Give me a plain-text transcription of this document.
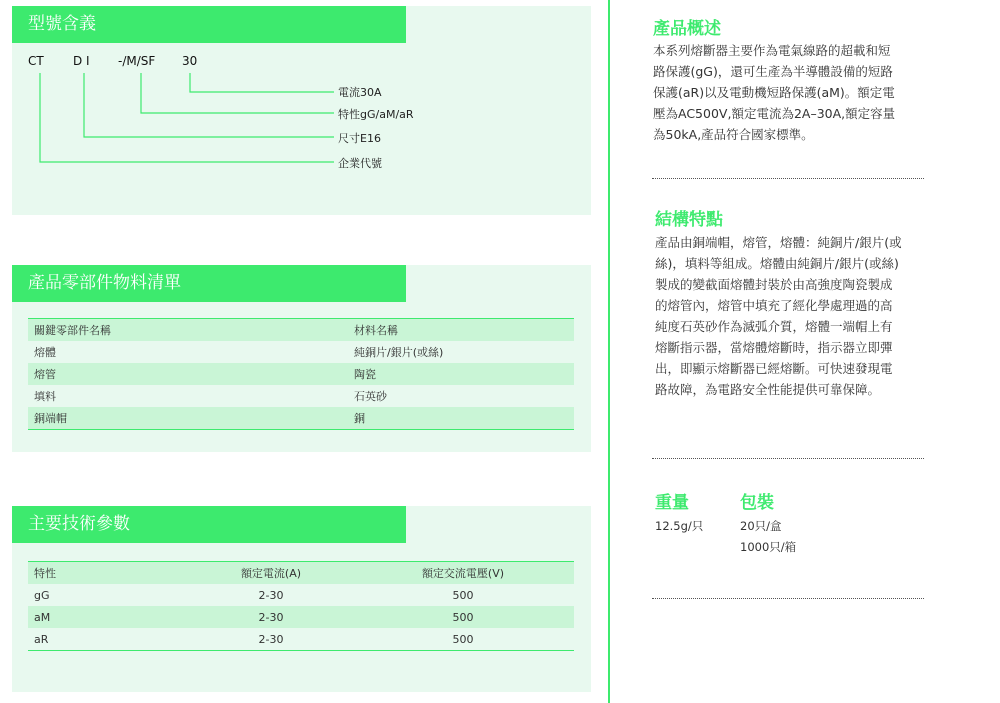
型號含義
CT D I -/M/SF 30
電流30A
特性gG/aM/aR
尺寸E16
企業代號
產品零部件物料清單
關鍵零部件名稱	材料名稱
熔體	純銅片/銀片(或絲)
熔管	陶瓷
填料	石英砂
銅端帽	銅
主要技術參數
特性	額定電流(A)	額定交流電壓(V)
gG	2-30	500
aM	2-30	500
aR	2-30	500
產品概述
本系列熔斷器主要作為電氣線路的超載和短
路保護(gG)，還可生產為半導體設備的短路
保護(aR)以及電動機短路保護(aM)。額定電
壓為AC500V,額定電流為2A–30A,額定容量
為50kA,產品符合國家標準。
結構特點
產品由銅端帽，熔管，熔體：純銅片/銀片(或
絲)，填料等組成。熔體由純銅片/銀片(或絲)
製成的變截面熔體封裝於由高強度陶瓷製成
的熔管內，熔管中填充了經化學處理過的高
純度石英砂作為滅弧介質，熔體一端帽上有
熔斷指示器，當熔體熔斷時，指示器立即彈
出，即顯示熔斷器已經熔斷。可快速發現電
路故障，為電路安全性能提供可靠保障。
重量
12.5g/只
包裝
20只/盒
1000只/箱
